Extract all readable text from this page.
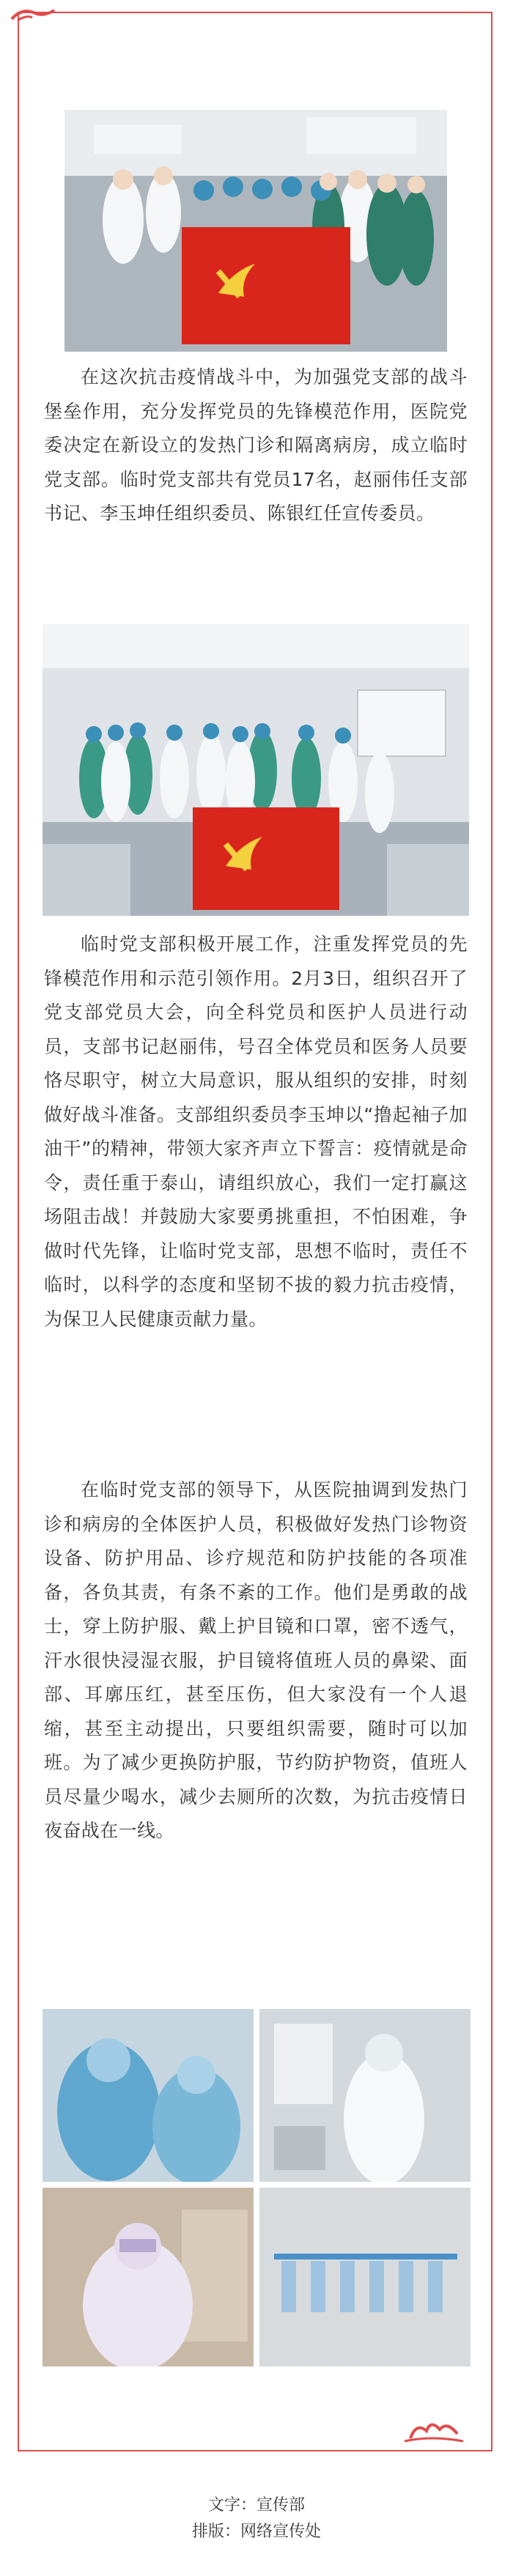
在这次抗击疫情战斗中，为加强党支部的战斗堡垒作用，充分发挥党员的先锋模范作用，医院党委决定在新设立的发热门诊和隔离病房，成立临时党支部。临时党支部共有党员17名，赵丽伟任支部书记、李玉坤任组织委员、陈银红任宣传委员。

临时党支部积极开展工作，注重发挥党员的先锋模范作用和示范引领作用。2月3日，组织召开了党支部党员大会，向全科党员和医护人员进行动员，支部书记赵丽伟，号召全体党员和医务人员要恪尽职守，树立大局意识，服从组织的安排，时刻做好战斗准备。支部组织委员李玉坤以“撸起袖子加油干”的精神，带领大家齐声立下誓言：疫情就是命令，责任重于泰山，请组织放心，我们一定打赢这场阻击战！并鼓励大家要勇挑重担，不怕困难，争做时代先锋，让临时党支部，思想不临时，责任不临时，以科学的态度和坚韧不拔的毅力抗击疫情，为保卫人民健康贡献力量。

在临时党支部的领导下，从医院抽调到发热门诊和病房的全体医护人员，积极做好发热门诊物资设备、防护用品、诊疗规范和防护技能的各项准备，各负其责，有条不紊的工作。他们是勇敢的战士，穿上防护服、戴上护目镜和口罩，密不透气，汗水很快浸湿衣服，护目镜将值班人员的鼻梁、面部、耳廓压红，甚至压伤，但大家没有一个人退缩，甚至主动提出，只要组织需要，随时可以加班。为了减少更换防护服，节约防护物资，值班人员尽量少喝水，减少去厕所的次数，为抗击疫情日夜奋战在一线。

文字：宣传部
排版：网络宣传处
